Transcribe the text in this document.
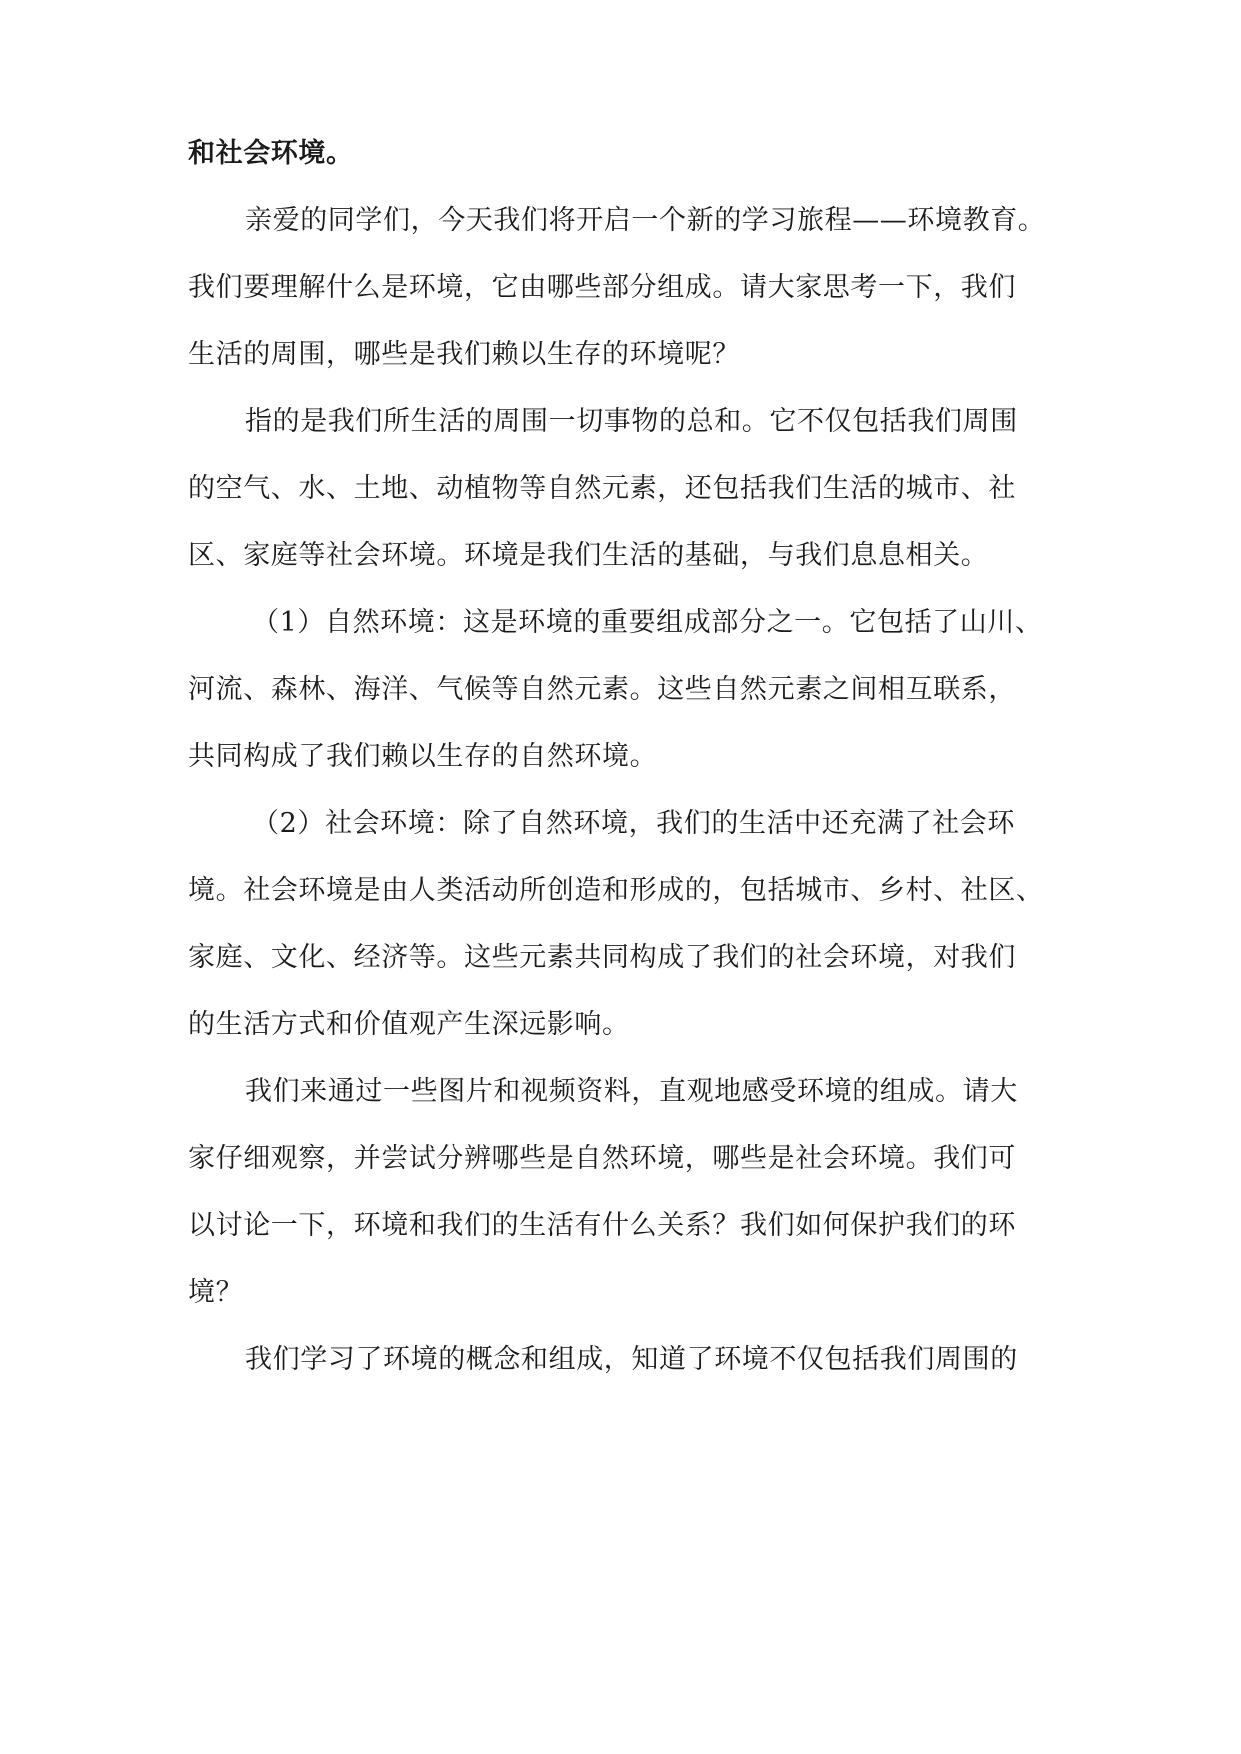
和社会环境。
亲爱的同学们，今天我们将开启一个新的学习旅程——环境教育。
我们要理解什么是环境，它由哪些部分组成。请大家思考一下，我们
生活的周围，哪些是我们赖以生存的环境呢？
指的是我们所生活的周围一切事物的总和。它不仅包括我们周围
的空气、水、土地、动植物等自然元素，还包括我们生活的城市、社
区、家庭等社会环境。环境是我们生活的基础，与我们息息相关。
（1）自然环境：这是环境的重要组成部分之一。它包括了山川、
河流、森林、海洋、气候等自然元素。这些自然元素之间相互联系，
共同构成了我们赖以生存的自然环境。
（2）社会环境：除了自然环境，我们的生活中还充满了社会环
境。社会环境是由人类活动所创造和形成的，包括城市、乡村、社区、
家庭、文化、经济等。这些元素共同构成了我们的社会环境，对我们
的生活方式和价值观产生深远影响。
我们来通过一些图片和视频资料，直观地感受环境的组成。请大
家仔细观察，并尝试分辨哪些是自然环境，哪些是社会环境。我们可
以讨论一下，环境和我们的生活有什么关系？我们如何保护我们的环
境？
我们学习了环境的概念和组成，知道了环境不仅包括我们周围的
